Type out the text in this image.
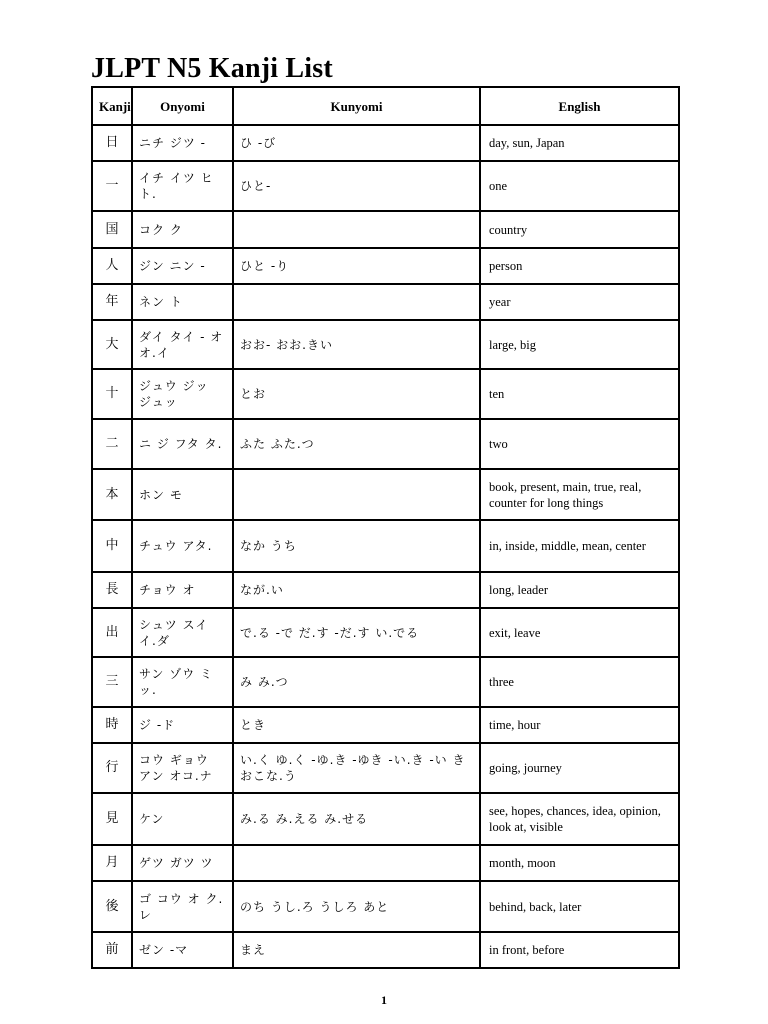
JLPT N5 Kanji List
Kanji	Onyomi	Kunyomi	English
日	ニチ ジツ -	ひ -び	day, sun, Japan
一	イチ イツ ヒト.	ひと-	one
国	コク ク		country
人	ジン ニン -	ひと -り	person
年	ネン ト		year
大	ダイ タイ - オオ.イ	おお- おお.きい	large, big
十	ジュウ ジッ ジュッ	とお	ten
二	ニ ジ フタ タ.	ふた ふた.つ	two
本	ホン モ		book, present, main, true, real, counter for long things
中	チュウ アタ.	なか うち	in, inside, middle, mean, center
長	チョウ オ	なが.い	long, leader
出	シュツ スイ イ.ダ	で.る -で だ.す -だ.す い.でる	exit, leave
三	サン ゾウ ミッ.	み み.つ	three
時	ジ -ド	とき	time, hour
行	コウ ギョウ アン オコ.ナ	い.く ゆ.く -ゆ.き -ゆき -い.き -い き おこな.う	going, journey
見	ケン	み.る み.える み.せる	see, hopes, chances, idea, opinion, look at, visible
月	ゲツ ガツ ツ		month, moon
後	ゴ コウ オ ク.レ	のち うし.ろ うしろ あと	behind, back, later
前	ゼン -マ	まえ	in front, before
1
